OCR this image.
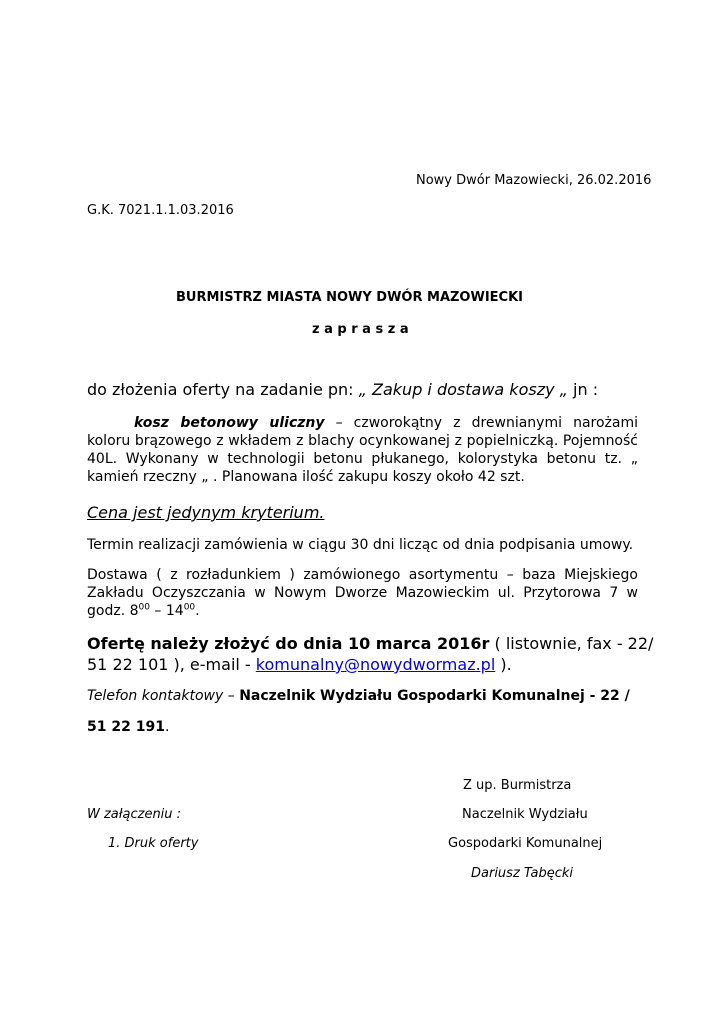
Nowy Dwór Mazowiecki, 26.02.2016
G.K. 7021.1.1.03.2016
BURMISTRZ MIASTA NOWY DWÓR MAZOWIECKI
z a p r a s z a
do złożenia oferty na zadanie pn: „ Zakup i dostawa koszy „ jn :
kosz betonowy uliczny – czworokątny z drewnianymi narożami koloru brązowego z wkładem z blachy ocynkowanej z popielniczką. Pojemność 40L. Wykonany w technologii betonu płukanego, kolorystyka betonu tz. „ kamień rzeczny „ . Planowana ilość zakupu koszy około 42 szt.
Cena jest jedynym kryterium.
Termin realizacji zamówienia w ciągu 30 dni licząc od dnia podpisania umowy.
Dostawa ( z rozładunkiem ) zamówionego asortymentu – baza Miejskiego Zakładu Oczyszczania w Nowym Dworze Mazowieckim ul. Przytorowa 7 w godz. $8^{00} - 14^{00}$.
Ofertę należy złożyć do dnia 10 marca 2016r ( listownie, fax - 22/
51 22 101 ), e-mail - komunalny@nowydwormaz.pl ).
Telefon kontaktowy – Naczelnik Wydziału Gospodarki Komunalnej - 22 /
51 22 191.
Z up. Burmistrza
Naczelnik Wydziału
Gospodarki Komunalnej
Dariusz Tabęcki
W załączeniu :
1. Druk oferty
